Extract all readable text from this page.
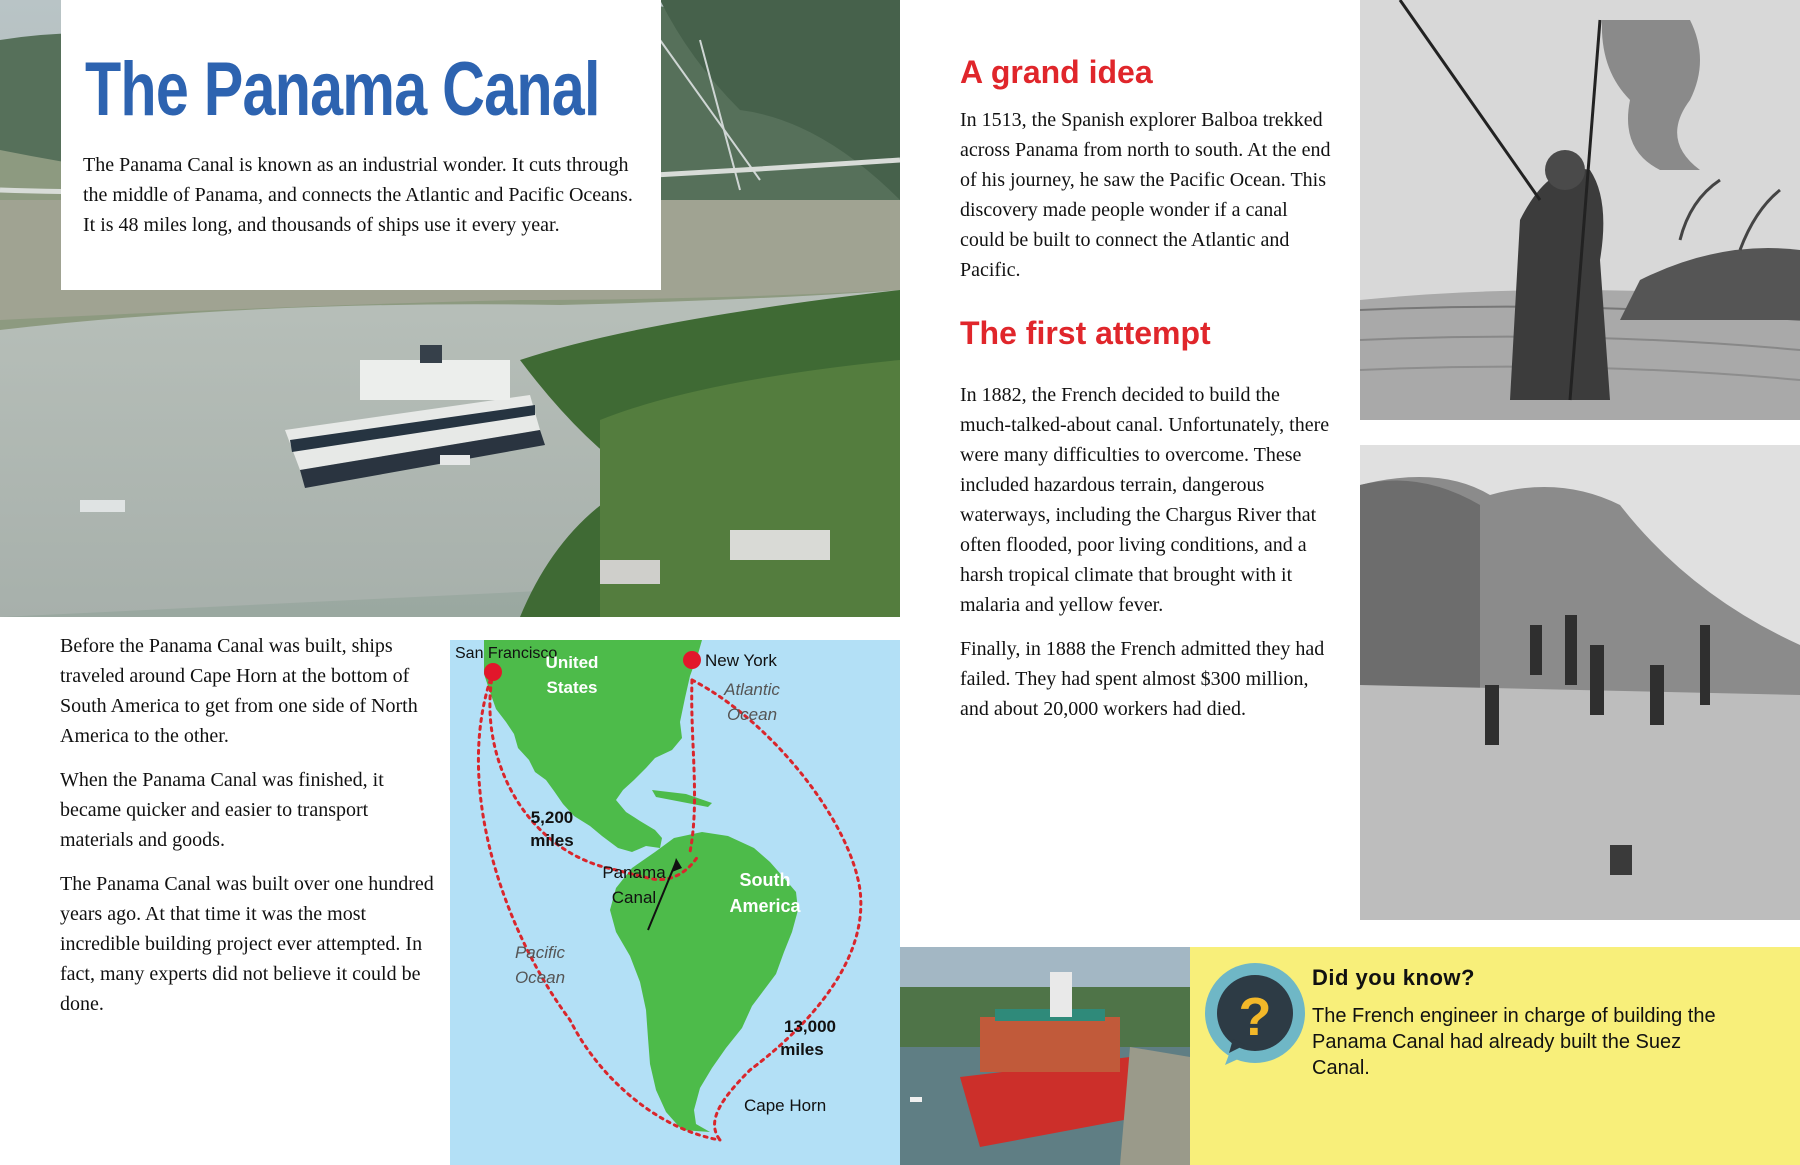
The Panama Canal

The Panama Canal is known as an industrial wonder. It cuts through the middle of Panama, and connects the Atlantic and Pacific Oceans. It is 48 miles long, and thousands of ships use it every year.

Before the Panama Canal was built, ships traveled around Cape Horn at the bottom of South America to get from one side of North America to the other.

When the Panama Canal was finished, it became quicker and easier to transport materials and goods.

The Panama Canal was built over one hundred years ago. At that time it was the most incredible building project ever attempted. In fact, many experts did not believe it could be done.

San Francisco	New York
United
States	Atlantic
Ocean
5,200
miles
Panama
Canal
South
America
Pacific
Ocean
13,000
miles
Cape Horn
A grand idea

In 1513, the Spanish explorer Balboa trekked across Panama from north to south. At the end of his journey, he saw the Pacific Ocean. This discovery made people wonder if a canal could be built to connect the Atlantic and Pacific.

The first attempt

In 1882, the French decided to build the much-talked-about canal. Unfortunately, there were many difficulties to overcome. These included hazardous terrain, dangerous waterways, including the Chargus River that often flooded, poor living conditions, and a harsh tropical climate that brought with it malaria and yellow fever.

Finally, in 1888 the French admitted they had failed. They had spent almost $300 million, and about 20,000 workers had died.

?
Did you know?

The French engineer in charge of building the Panama Canal had already built the Suez Canal.
